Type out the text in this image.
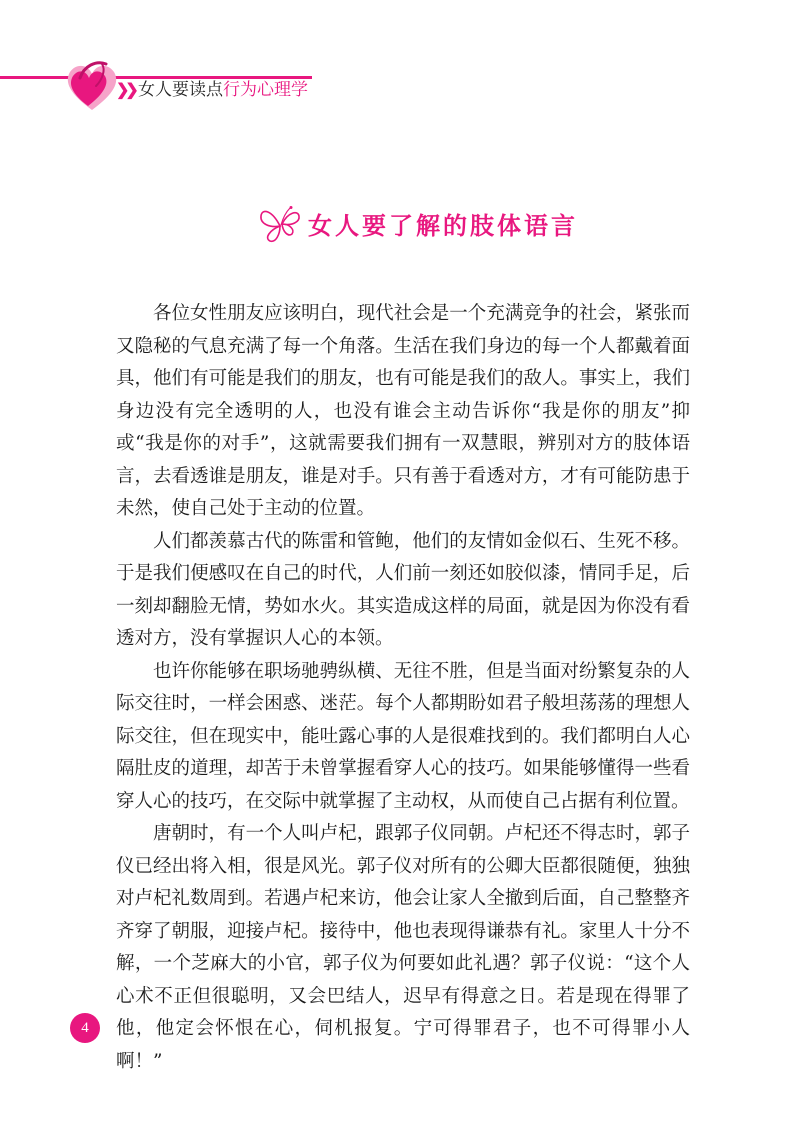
❯❯ 女人要读点行为心理学
女人要了解的肢体语言

各位女性朋友应该明白，现代社会是一个充满竞争的社会，紧张而又隐秘的气息充满了每一个角落。生活在我们身边的每一个人都戴着面具，他们有可能是我们的朋友，也有可能是我们的敌人。事实上，我们身边没有完全透明的人，也没有谁会主动告诉你“我是你的朋友”抑或“我是你的对手”，这就需要我们拥有一双慧眼，辨别对方的肢体语言，去看透谁是朋友，谁是对手。只有善于看透对方，才有可能防患于未然，使自己处于主动的位置。

人们都羡慕古代的陈雷和管鲍，他们的友情如金似石、生死不移。于是我们便感叹在自己的时代，人们前一刻还如胶似漆，情同手足，后一刻却翻脸无情，势如水火。其实造成这样的局面，就是因为你没有看透对方，没有掌握识人心的本领。

也许你能够在职场驰骋纵横、无往不胜，但是当面对纷繁复杂的人际交往时，一样会困惑、迷茫。每个人都期盼如君子般坦荡荡的理想人际交往，但在现实中，能吐露心事的人是很难找到的。我们都明白人心隔肚皮的道理，却苦于未曾掌握看穿人心的技巧。如果能够懂得一些看穿人心的技巧，在交际中就掌握了主动权，从而使自己占据有利位置。

唐朝时，有一个人叫卢杞，跟郭子仪同朝。卢杞还不得志时，郭子仪已经出将入相，很是风光。郭子仪对所有的公卿大臣都很随便，独独对卢杞礼数周到。若遇卢杞来访，他会让家人全撤到后面，自己整整齐齐穿了朝服，迎接卢杞。接待中，他也表现得谦恭有礼。家里人十分不解，一个芝麻大的小官，郭子仪为何要如此礼遇？郭子仪说：“这个人心术不正但很聪明，又会巴结人，迟早有得意之日。若是现在得罪了他，他定会怀恨在心，伺机报复。宁可得罪君子，也不可得罪小人啊！”

4
